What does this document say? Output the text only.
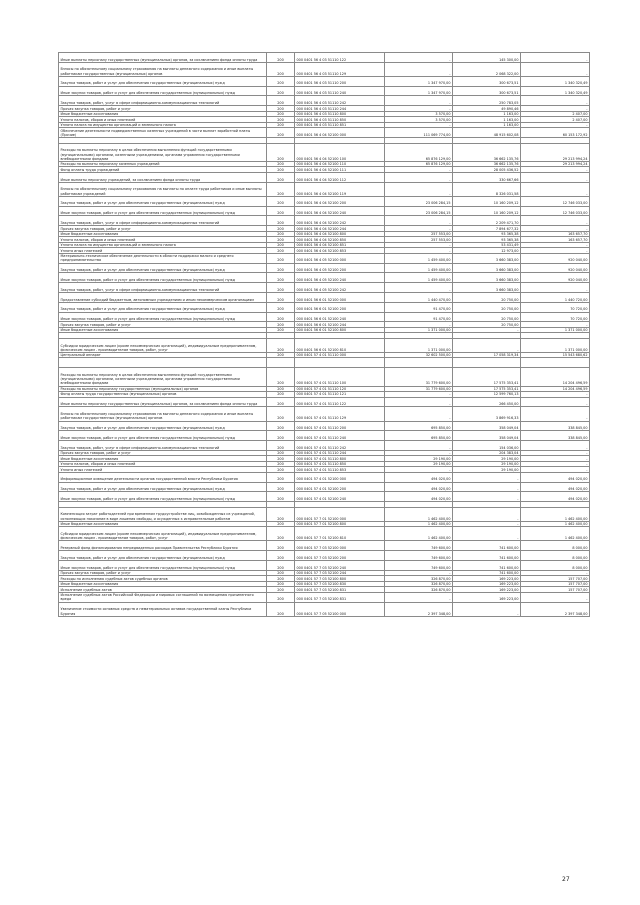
Иные выплаты персоналу государственных (муниципальных) органов, за исключением фонда оплаты труда	200	000 0401 56 4 03 51110 122	-	145 300,00	-
Взносы по обязательному социальному страхованию на выплаты денежного содержания и иные выплаты работникам государственных (муниципальных) органов	200	000 0401 56 4 03 51110 129	-	2 068 322,00	-
Закупка товаров, работ и услуг для обеспечения государственных (муниципальных) нужд	200	000 0401 56 4 03 51110 200	1 347 970,00	300 673,51	1 340 320,49
Иные закупки товаров, работ и услуг для обеспечения государственных (муниципальных) нужд	200	000 0401 56 4 03 51110 240	1 347 970,00	300 673,51	1 340 320,49
Закупка товаров, работ, услуг в сфере информационно-коммуникационных технологий	200	000 0401 56 4 03 51110 242	-	250 783,05	-
Прочая закупка товаров, работ и услуг	200	000 0401 56 4 03 51110 244	-	49 890,46	-
Иные бюджетные ассигнования	200	000 0401 56 4 03 51110 800	3 570,00	1 163,00	2 407,00
Уплата налогов, сборов и иных платежей	200	000 0401 56 4 03 51110 850	3 570,00	1 163,00	2 407,00
Уплата налога на имущество организаций и земельного налога	200	000 0401 56 4 03 51110 851	-	1 163,00	-
Обеспечение деятельности подведомственных казенных учреждений в части выплат заработной платы (Прочие)	200	000 0401 56 4 04 52100 000	111 069 774,00	48 915 602,08	60 153 172,92

Расходы на выплаты персоналу в целях обеспечения выполнения функций государственными (муниципальными) органами, казенными учреждениями, органами управления государственными внебюджетными фондами	200	000 0401 56 4 04 52100 100	65 876 129,00	36 662 135,76	29 213 994,24
Расходы на выплаты персоналу казенных учреждений	200	000 0401 56 4 04 52100 110	65 876 129,00	36 662 135,76	29 213 994,24
Фонд оплаты труда учреждений	200	000 0401 56 4 04 52100 111	-	28 005 436,52	-
Иные выплаты персоналу учреждений, за исключением фонда оплаты труда	200	000 0401 56 4 04 52100 112	-	330 667,66	-
Взносы по обязательному социальному страхованию на выплаты по оплате труда работников и иные выплаты работникам учреждений	200	000 0401 56 4 04 52100 119	-	8 326 031,58	-
Закупка товаров, работ и услуг для обеспечения государственных (муниципальных) нужд	200	000 0401 56 4 04 52100 200	23 006 284,15	10 160 209,12	12 746 033,00
Иные закупки товаров, работ и услуг для обеспечения государственных (муниципальных) нужд	200	000 0401 56 4 04 52100 240	23 006 284,15	10 160 209,12	12 746 033,00
Закупка товаров, работ, услуг в сфере информационно-коммуникационных технологий	200	000 0401 56 4 04 52100 242	-	2 209 471,70	-
Прочая закупка товаров, работ и услуг	200	000 0401 56 4 04 52100 244	-	7 894 677,32	-
Иные бюджетные ассигнования	200	000 0401 56 4 04 52100 800	257 553,00	93 365,38	163 657,70
Уплата налогов, сборов и иных платежей	200	000 0401 56 4 04 52100 850	257 553,00	93 365,38	163 657,70
Уплата налога на имущество организаций и земельного налога	200	000 0401 56 4 04 52100 851	-	53 431,49	-
Уплата иных платежей	200	000 0401 56 4 04 52100 853	-	12 973,00	-
Материально-техническое обеспечение деятельности в области поддержки малого и среднего предпринимательства	200	000 0401 56 4 05 52100 000	1 459 400,00	3 660 383,00	920 040,00
Закупка товаров, работ и услуг для обеспечения государственных (муниципальных) нужд	200	000 0401 56 4 05 52100 200	1 459 400,00	3 660 383,00	920 040,00
Иные закупки товаров, работ и услуг для обеспечения государственных (муниципальных) нужд	200	000 0401 56 4 05 52100 240	1 459 400,00	3 660 383,00	920 040,00
Закупка товаров, работ, услуг в сфере информационно-коммуникационных технологий	200	000 0401 56 4 05 52100 242	-	3 660 383,00	-
Предоставление субсидий бюджетным, автономным учреждениям и иным некоммерческим организациям	200	000 0401 56 6 01 52100 000	1 440 470,00	20 750,00	1 440 720,00
Закупка товаров, работ и услуг для обеспечения государственных (муниципальных) нужд	200	000 0401 56 6 01 52100 200	91 470,00	20 750,00	70 720,00
Иные закупки товаров, работ и услуг для обеспечения государственных (муниципальных) нужд	200	000 0401 56 6 01 52100 240	91 470,00	20 750,00	70 720,00
Прочая закупка товаров, работ и услуг	200	000 0401 56 6 01 52100 244	-	20 750,00	-
Иные бюджетные ассигнования	200	000 0401 56 6 01 52100 800	1 371 000,00	-	1 371 000,00

Субсидии юридическим лицам (кроме некоммерческих организаций), индивидуальным предпринимателям, физическим лицам - производителям товаров, работ, услуг	200	000 0401 56 6 01 52100 810	1 371 000,00	-	1 371 000,00
Центральный аппарат	200	000 0401 57 4 01 51110 000	32 602 500,00	17 058 319,34	15 543 680,62

Расходы на выплаты персоналу в целях обеспечения выполнения функций государственными (муниципальными) органами, казенными учреждениями, органами управления государственными внебюджетными фондами	200	000 0401 57 4 01 51110 100	31 779 600,00	17 575 353,41	14 204 496,59
Расходы на выплаты персоналу государственных (муниципальных) органов	200	000 0401 57 4 01 51110 120	31 779 600,00	17 575 353,41	14 204 496,59
Фонд оплаты труда государственных (муниципальных) органов	200	000 0401 57 4 01 51110 121	-	12 599 760,13	-
Иные выплаты персоналу государственных (муниципальных) органов, за исключением фонда оплаты труда	200	000 0401 57 4 01 51110 122	-	266 450,00	-
Взносы по обязательному социальному страхованию на выплаты денежного содержания и иные выплаты работникам государственных (муниципальных) органов	200	000 0401 57 4 01 51110 129	-	3 869 916,33	-
Закупка товаров, работ и услуг для обеспечения государственных (муниципальных) нужд	200	000 0401 57 4 01 51110 200	695 850,00	358 049,04	338 845,00
Иные закупки товаров, работ и услуг для обеспечения государственных (муниципальных) нужд	200	000 0401 57 4 01 51110 240	695 850,00	358 049,04	338 845,00
Закупка товаров, работ, услуг в сфере информационно-коммуникационных технологий	200	000 0401 57 4 01 51110 242	-	154 036,00	-
Прочая закупка товаров, работ и услуг	200	000 0401 57 4 01 51110 244	-	204 383,04	-
Иные бюджетные ассигнования	200	000 0401 57 4 01 51110 800	29 190,00	29 190,00	-
Уплата налогов, сборов и иных платежей	200	000 0401 57 4 01 51110 850	29 190,00	29 190,00	-
Уплата иных платежей	200	000 0401 57 4 01 51110 853	-	29 190,00	-
Информационное освещение деятельности органов государственной власти Республики Бурятия	200	000 0401 57 4 01 52100 000	494 020,00	-	494 020,00
Закупка товаров, работ и услуг для обеспечения государственных (муниципальных) нужд	200	000 0401 57 4 01 52100 200	494 020,00	-	494 020,00
Иные закупки товаров, работ и услуг для обеспечения государственных (муниципальных) нужд	200	000 0401 57 4 01 52100 240	494 020,00	-	494 020,00

Компенсация затрат работодателей при временном трудоустройстве лиц, освобожденных из учреждений, исполняющих наказание в виде лишения свободы, и осужденных к исправительным работам	200	000 0401 57 7 01 52100 000	1 462 400,00	-	1 462 400,00
Иные бюджетные ассигнования	200	000 0401 57 7 01 52100 800	1 462 400,00	-	1 462 400,00
Субсидии юридическим лицам (кроме некоммерческих организаций), индивидуальным предпринимателям, физическим лицам - производителям товаров, работ, услуг	200	000 0401 57 7 01 52100 810	1 462 400,00	-	1 462 400,00
Резервный фонд финансирования непредвиденных расходов Правительства Республики Бурятия	200	000 0401 57 7 03 52100 000	749 600,00	741 600,00	8 000,00
Закупка товаров, работ и услуг для обеспечения государственных (муниципальных) нужд	200	000 0401 57 7 03 52100 200	749 600,00	741 600,00	8 000,00
Иные закупки товаров, работ и услуг для обеспечения государственных (муниципальных) нужд	200	000 0401 57 7 03 52100 240	749 600,00	741 600,00	8 000,00
Прочая закупка товаров, работ и услуг	200	000 0401 57 7 03 52100 244	-	741 600,00	-
Расходы по исполнению судебных актов судебных органов	200	000 0401 57 7 03 52100 800	326 870,00	169 223,00	157 707,00
Иные бюджетные ассигнования	200	000 0401 57 7 03 52100 830	326 870,00	169 223,00	157 707,00
Исполнение судебных актов	200	000 0401 57 7 03 52100 831	326 870,00	169 223,00	157 707,00
Исполнение судебных актов Российской Федерации и мировых соглашений по возмещению причиненного вреда	200	000 0401 57 7 03 52100 831	-	169 223,00	-
Увеличение стоимости основных средств и нематериальных активов государственной казны Республики Бурятия	200	000 0401 57 7 05 52100 000	2 397 348,00	-	2 397 348,00
27
